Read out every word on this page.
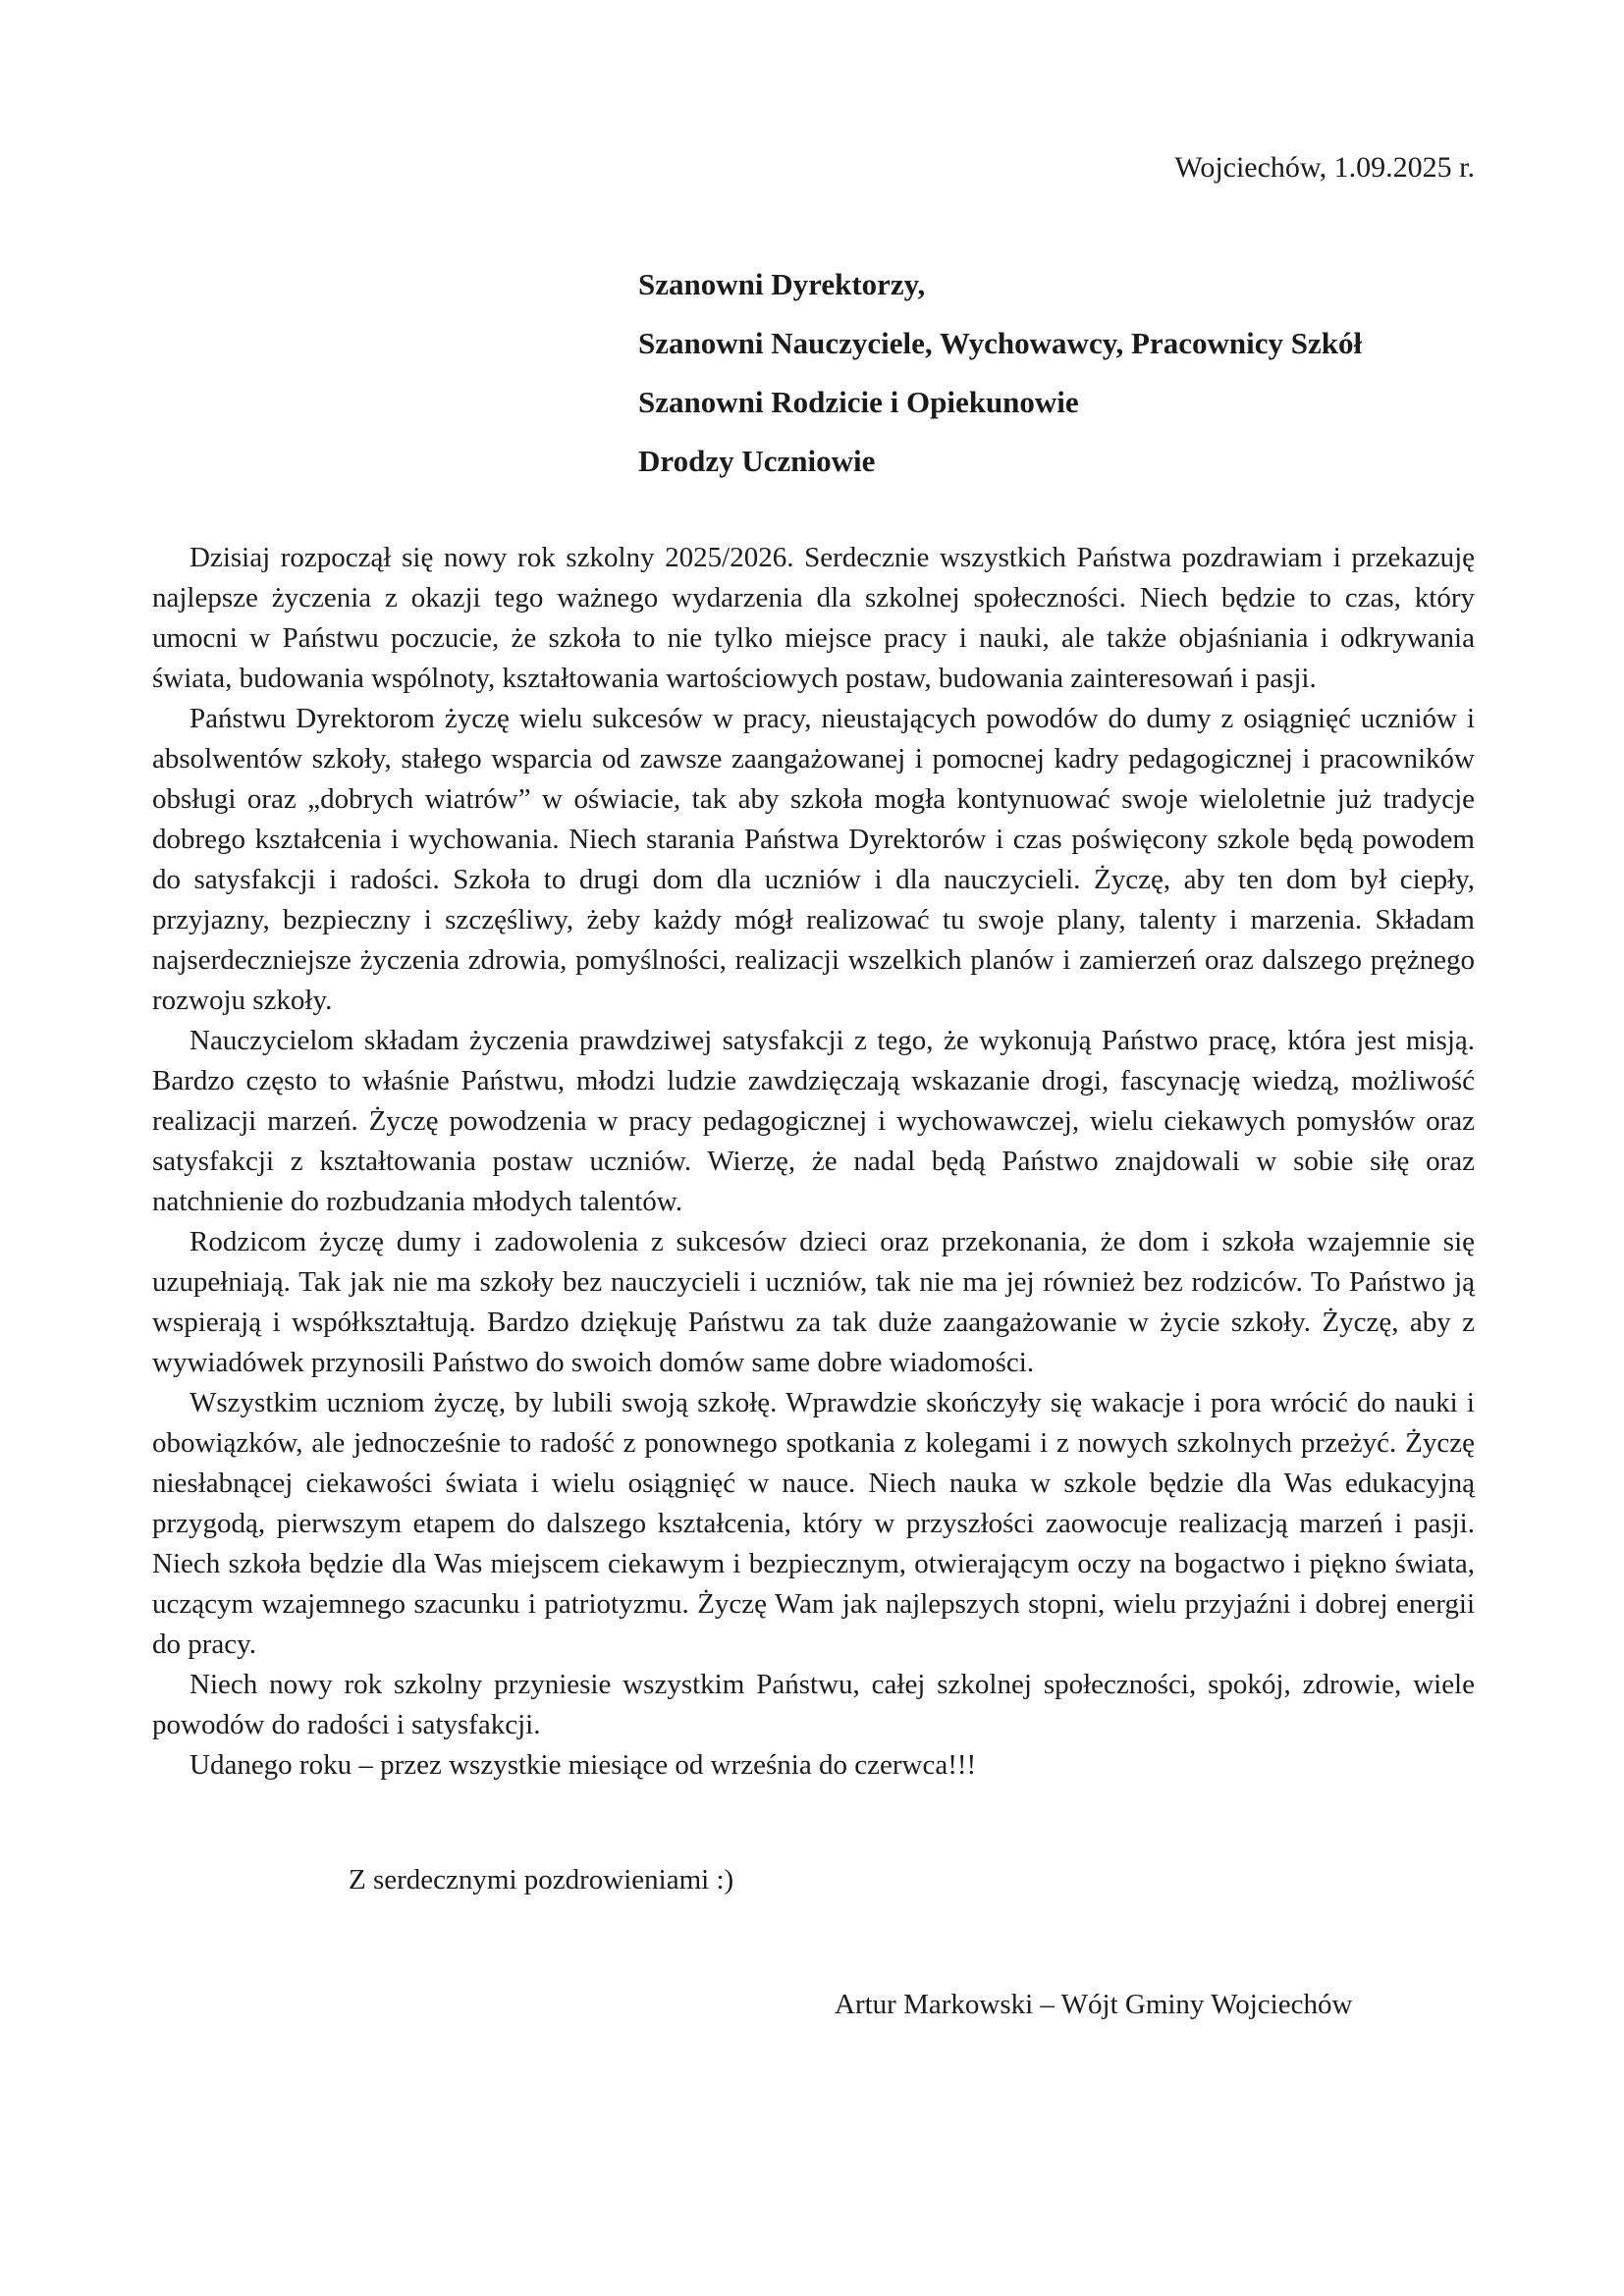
Wojciechów, 1.09.2025 r.

Szanowni Dyrektorzy,

Szanowni Nauczyciele, Wychowawcy, Pracownicy Szkół

Szanowni Rodzicie i Opiekunowie

Drodzy Uczniowie

Dzisiaj rozpoczął się nowy rok szkolny 2025/2026. Serdecznie wszystkich Państwa pozdrawiam i przekazuję najlepsze życzenia z okazji tego ważnego wydarzenia dla szkolnej społeczności. Niech będzie to czas, który umocni w Państwu poczucie, że szkoła to nie tylko miejsce pracy i nauki, ale także objaśniania i odkrywania świata, budowania wspólnoty, kształtowania wartościowych postaw, budowania zainteresowań i pasji.

Państwu Dyrektorom życzę wielu sukcesów w pracy, nieustających powodów do dumy z osiągnięć uczniów i absolwentów szkoły, stałego wsparcia od zawsze zaangażowanej i pomocnej kadry pedagogicznej i pracowników obsługi oraz „dobrych wiatrów” w oświacie, tak aby szkoła mogła kontynuować swoje wieloletnie już tradycje dobrego kształcenia i wychowania. Niech starania Państwa Dyrektorów i czas poświęcony szkole będą powodem do satysfakcji i radości. Szkoła to drugi dom dla uczniów i dla nauczycieli. Życzę, aby ten dom był ciepły, przyjazny, bezpieczny i szczęśliwy, żeby każdy mógł realizować tu swoje plany, talenty i marzenia. Składam najserdeczniejsze życzenia zdrowia, pomyślności, realizacji wszelkich planów i zamierzeń oraz dalszego prężnego rozwoju szkoły.

Nauczycielom składam życzenia prawdziwej satysfakcji z tego, że wykonują Państwo pracę, która jest misją. Bardzo często to właśnie Państwu, młodzi ludzie zawdzięczają wskazanie drogi, fascynację wiedzą, możliwość realizacji marzeń. Życzę powodzenia w pracy pedagogicznej i wychowawczej, wielu ciekawych pomysłów oraz satysfakcji z kształtowania postaw uczniów. Wierzę, że nadal będą Państwo znajdowali w sobie siłę oraz natchnienie do rozbudzania młodych talentów.

Rodzicom życzę dumy i zadowolenia z sukcesów dzieci oraz przekonania, że dom i szkoła wzajemnie się uzupełniają. Tak jak nie ma szkoły bez nauczycieli i uczniów, tak nie ma jej również bez rodziców. To Państwo ją wspierają i współkształtują. Bardzo dziękuję Państwu za tak duże zaangażowanie w życie szkoły. Życzę, aby z wywiadówek przynosili Państwo do swoich domów same dobre wiadomości.

Wszystkim uczniom życzę, by lubili swoją szkołę. Wprawdzie skończyły się wakacje i pora wrócić do nauki i obowiązków, ale jednocześnie to radość z ponownego spotkania z kolegami i z nowych szkolnych przeżyć. Życzę niesłabnącej ciekawości świata i wielu osiągnięć w nauce. Niech nauka w szkole będzie dla Was edukacyjną przygodą, pierwszym etapem do dalszego kształcenia, który w przyszłości zaowocuje realizacją marzeń i pasji. Niech szkoła będzie dla Was miejscem ciekawym i bezpiecznym, otwierającym oczy na bogactwo i piękno świata, uczącym wzajemnego szacunku i patriotyzmu. Życzę Wam jak najlepszych stopni, wielu przyjaźni i dobrej energii do pracy.

Niech nowy rok szkolny przyniesie wszystkim Państwu, całej szkolnej społeczności, spokój, zdrowie, wiele powodów do radości i satysfakcji.

Udanego roku – przez wszystkie miesiące od września do czerwca!!!

Z serdecznymi pozdrowieniami :)
Artur Markowski – Wójt Gminy Wojciechów
